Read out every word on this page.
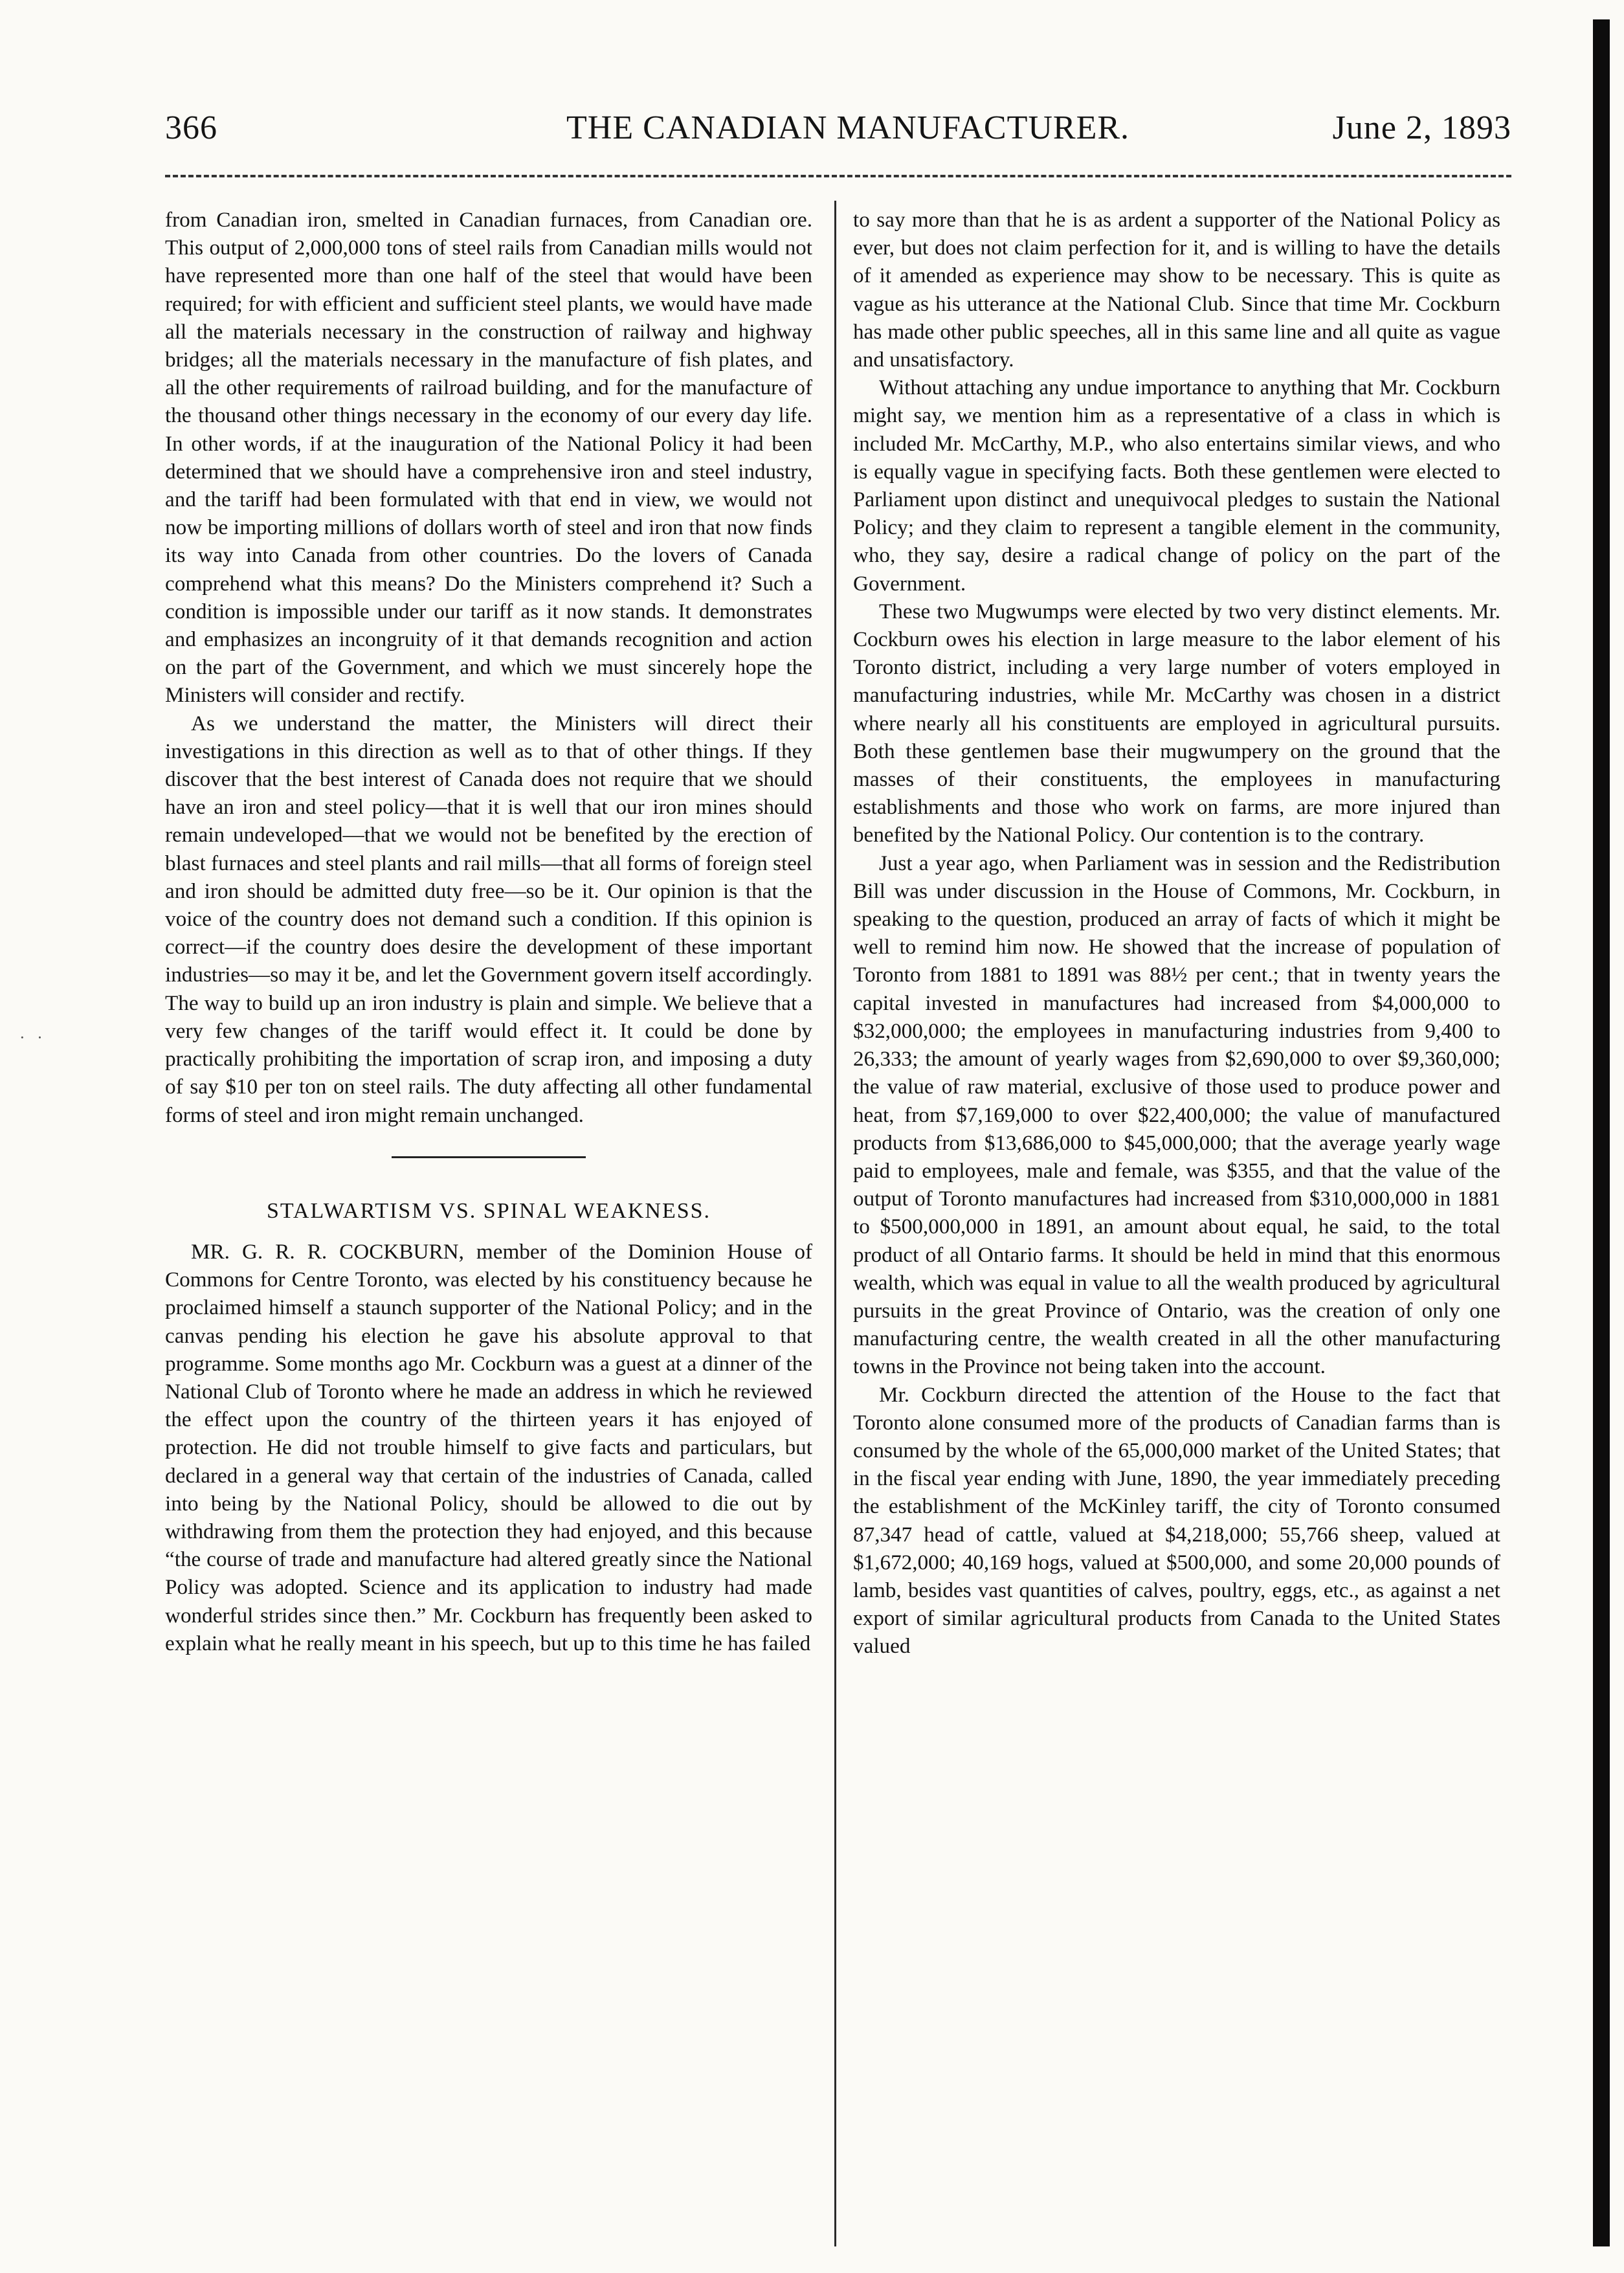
366	THE CANADIAN MANUFACTURER.	June 2, 1893
· ·

from Canadian iron, smelted in Canadian furnaces, from Canadian ore. This output of 2,000,000 tons of steel rails from Canadian mills would not have represented more than one half of the steel that would have been required; for with efficient and sufficient steel plants, we would have made all the materials necessary in the construction of railway and highway bridges; all the materials necessary in the manufacture of fish plates, and all the other requirements of railroad building, and for the manufacture of the thousand other things necessary in the economy of our every day life. In other words, if at the inauguration of the National Policy it had been determined that we should have a comprehensive iron and steel industry, and the tariff had been formulated with that end in view, we would not now be importing millions of dollars worth of steel and iron that now finds its way into Canada from other countries. Do the lovers of Canada comprehend what this means? Do the Ministers comprehend it? Such a condition is impossible under our tariff as it now stands. It demonstrates and emphasizes an incongruity of it that demands recognition and action on the part of the Government, and which we must sincerely hope the Ministers will consider and rectify.

As we understand the matter, the Ministers will direct their investigations in this direction as well as to that of other things. If they discover that the best interest of Canada does not require that we should have an iron and steel policy—that it is well that our iron mines should remain undeveloped—that we would not be benefited by the erection of blast furnaces and steel plants and rail mills—that all forms of foreign steel and iron should be admitted duty free—so be it. Our opinion is that the voice of the country does not demand such a condition. If this opinion is correct—if the country does desire the development of these important industries—so may it be, and let the Government govern itself accordingly. The way to build up an iron industry is plain and simple. We believe that a very few changes of the tariff would effect it. It could be done by practically prohibiting the importation of scrap iron, and imposing a duty of say $10 per ton on steel rails. The duty affecting all other fundamental forms of steel and iron might remain unchanged.

STALWARTISM VS. SPINAL WEAKNESS.

MR. G. R. R. COCKBURN, member of the Dominion House of Commons for Centre Toronto, was elected by his constituency because he proclaimed himself a staunch supporter of the National Policy; and in the canvas pending his election he gave his absolute approval to that programme. Some months ago Mr. Cockburn was a guest at a dinner of the National Club of Toronto where he made an address in which he reviewed the effect upon the country of the thirteen years it has enjoyed of protection. He did not trouble himself to give facts and particulars, but declared in a general way that certain of the industries of Canada, called into being by the National Policy, should be allowed to die out by withdrawing from them the protection they had enjoyed, and this because “the course of trade and manufacture had altered greatly since the National Policy was adopted. Science and its application to industry had made wonderful strides since then.” Mr. Cockburn has frequently been asked to explain what he really meant in his speech, but up to this time he has failed

to say more than that he is as ardent a supporter of the National Policy as ever, but does not claim perfection for it, and is willing to have the details of it amended as experience may show to be necessary. This is quite as vague as his utterance at the National Club. Since that time Mr. Cockburn has made other public speeches, all in this same line and all quite as vague and unsatisfactory.

Without attaching any undue importance to anything that Mr. Cockburn might say, we mention him as a representative of a class in which is included Mr. McCarthy, M.P., who also entertains similar views, and who is equally vague in specifying facts. Both these gentlemen were elected to Parliament upon distinct and unequivocal pledges to sustain the National Policy; and they claim to represent a tangible element in the community, who, they say, desire a radical change of policy on the part of the Government.

These two Mugwumps were elected by two very distinct elements. Mr. Cockburn owes his election in large measure to the labor element of his Toronto district, including a very large number of voters employed in manufacturing industries, while Mr. McCarthy was chosen in a district where nearly all his constituents are employed in agricultural pursuits. Both these gentlemen base their mugwumpery on the ground that the masses of their constituents, the employees in manufacturing establishments and those who work on farms, are more injured than benefited by the National Policy. Our contention is to the contrary.

Just a year ago, when Parliament was in session and the Redistribution Bill was under discussion in the House of Commons, Mr. Cockburn, in speaking to the question, produced an array of facts of which it might be well to remind him now. He showed that the increase of population of Toronto from 1881 to 1891 was 88½ per cent.; that in twenty years the capital invested in manufactures had increased from $4,000,000 to $32,000,000; the employees in manufacturing industries from 9,400 to 26,333; the amount of yearly wages from $2,690,000 to over $9,360,000; the value of raw material, exclusive of those used to produce power and heat, from $7,169,000 to over $22,400,000; the value of manufactured products from $13,686,000 to $45,000,000; that the average yearly wage paid to employees, male and female, was $355, and that the value of the output of Toronto manufactures had increased from $310,000,000 in 1881 to $500,000,000 in 1891, an amount about equal, he said, to the total product of all Ontario farms. It should be held in mind that this enormous wealth, which was equal in value to all the wealth produced by agricultural pursuits in the great Province of Ontario, was the creation of only one manufacturing centre, the wealth created in all the other manufacturing towns in the Province not being taken into the account.

Mr. Cockburn directed the attention of the House to the fact that Toronto alone consumed more of the products of Canadian farms than is consumed by the whole of the 65,000,000 market of the United States; that in the fiscal year ending with June, 1890, the year immediately preceding the establishment of the McKinley tariff, the city of Toronto consumed 87,347 head of cattle, valued at $4,218,000; 55,766 sheep, valued at $1,672,000; 40,169 hogs, valued at $500,000, and some 20,000 pounds of lamb, besides vast quantities of calves, poultry, eggs, etc., as against a net export of similar agricultural products from Canada to the United States valued
